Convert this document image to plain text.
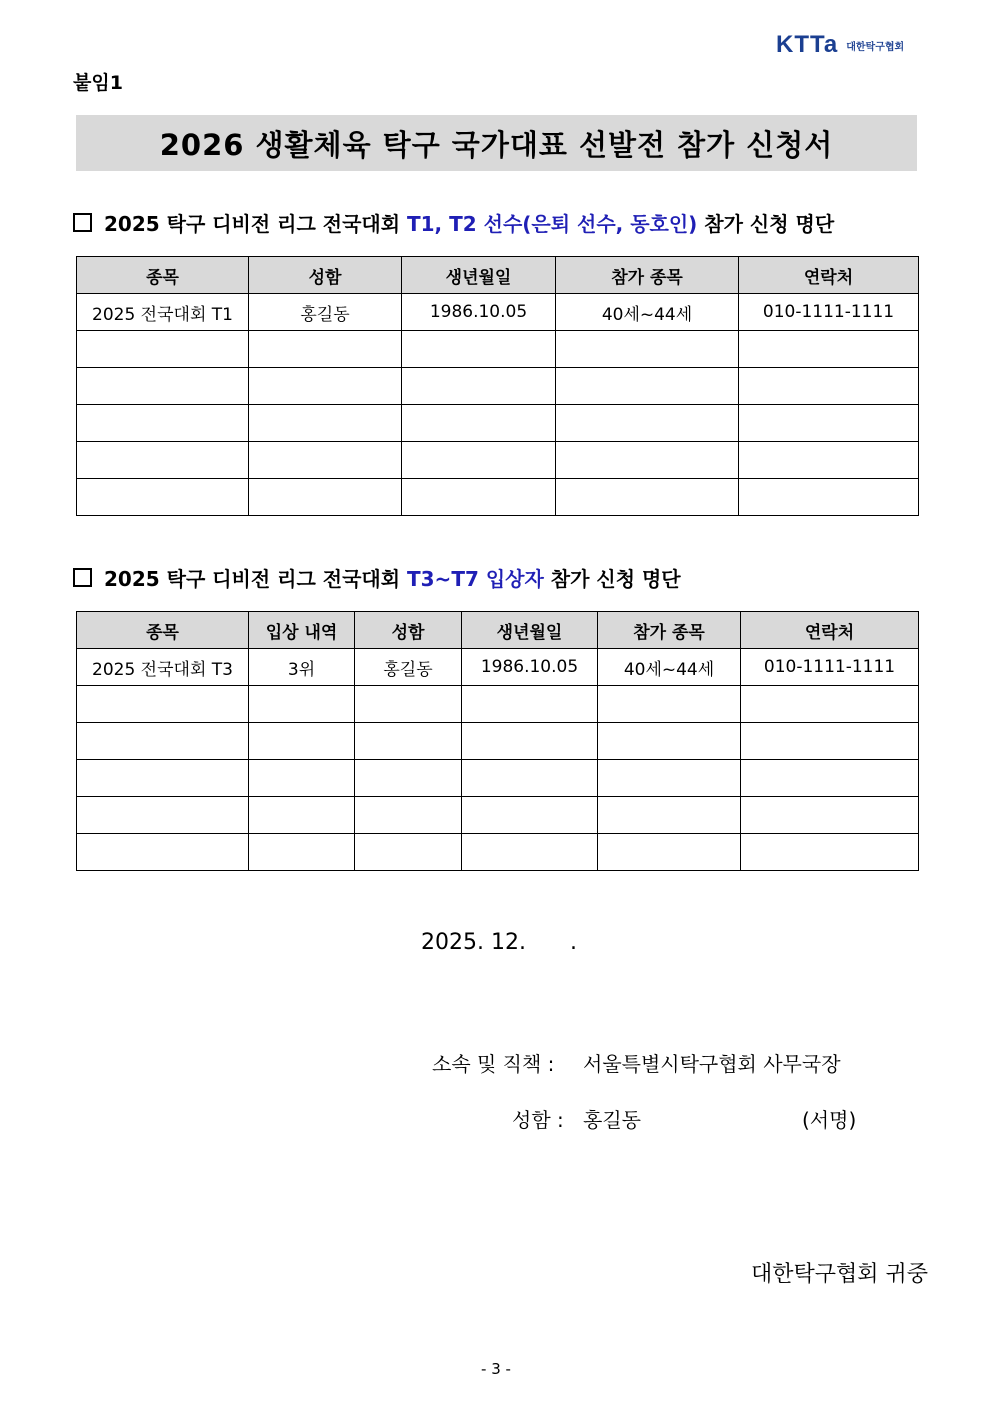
KTTa 대한탁구협회
붙임1
2026 생활체육 탁구 국가대표 선발전 참가 신청서
2025 탁구 디비전 리그 전국대회 T1, T2 선수(은퇴 선수, 동호인) 참가 신청 명단
종목	성함	생년월일	참가 종목	연락처
2025 전국대회 T1	홍길동	1986.10.05	40세~44세	010-1111-1111

2025 탁구 디비전 리그 전국대회 T3~T7 입상자 참가 신청 명단
종목	입상 내역	성함	생년월일	참가 종목	연락처
2025 전국대회 T3	3위	홍길동	1986.10.05	40세~44세	010-1111-1111

2025. 12. .
소속 및 직책 : 서울특별시탁구협회 사무국장
성함 : 홍길동	(서명)
대한탁구협회 귀중
- 3 -
